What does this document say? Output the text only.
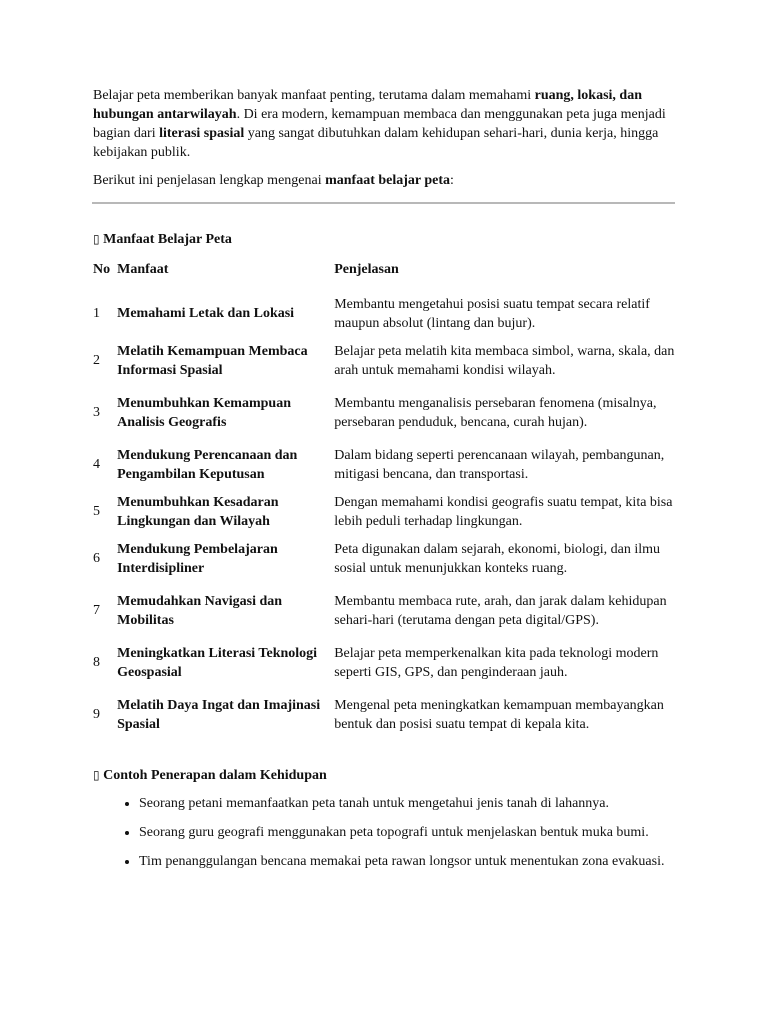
Belajar peta memberikan banyak manfaat penting, terutama dalam memahami ruang, lokasi, dan hubungan antarwilayah. Di era modern, kemampuan membaca dan menggunakan peta juga menjadi bagian dari literasi spasial yang sangat dibutuhkan dalam kehidupan sehari-hari, dunia kerja, hingga kebijakan publik.

Berikut ini penjelasan lengkap mengenai manfaat belajar peta:

▯ Manfaat Belajar Peta
No	Manfaat	Penjelasan
1	Memahami Letak dan Lokasi	Membantu mengetahui posisi suatu tempat secara relatif maupun absolut (lintang dan bujur).
2	Melatih Kemampuan Membaca Informasi Spasial	Belajar peta melatih kita membaca simbol, warna, skala, dan arah untuk memahami kondisi wilayah.
3	Menumbuhkan Kemampuan Analisis Geografis	Membantu menganalisis persebaran fenomena (misalnya, persebaran penduduk, bencana, curah hujan).
4	Mendukung Perencanaan dan Pengambilan Keputusan	Dalam bidang seperti perencanaan wilayah, pembangunan, mitigasi bencana, dan transportasi.
5	Menumbuhkan Kesadaran Lingkungan dan Wilayah	Dengan memahami kondisi geografis suatu tempat, kita bisa lebih peduli terhadap lingkungan.
6	Mendukung Pembelajaran Interdisipliner	Peta digunakan dalam sejarah, ekonomi, biologi, dan ilmu sosial untuk menunjukkan konteks ruang.
7	Memudahkan Navigasi dan Mobilitas	Membantu membaca rute, arah, dan jarak dalam kehidupan sehari-hari (terutama dengan peta digital/GPS).
8	Meningkatkan Literasi Teknologi Geospasial	Belajar peta memperkenalkan kita pada teknologi modern seperti GIS, GPS, dan penginderaan jauh.
9	Melatih Daya Ingat dan Imajinasi Spasial	Mengenal peta meningkatkan kemampuan membayangkan bentuk dan posisi suatu tempat di kepala kita.
▯ Contoh Penerapan dalam Kehidupan
• Seorang petani memanfaatkan peta tanah untuk mengetahui jenis tanah di lahannya.
• Seorang guru geografi menggunakan peta topografi untuk menjelaskan bentuk muka bumi.
• Tim penanggulangan bencana memakai peta rawan longsor untuk menentukan zona evakuasi.
